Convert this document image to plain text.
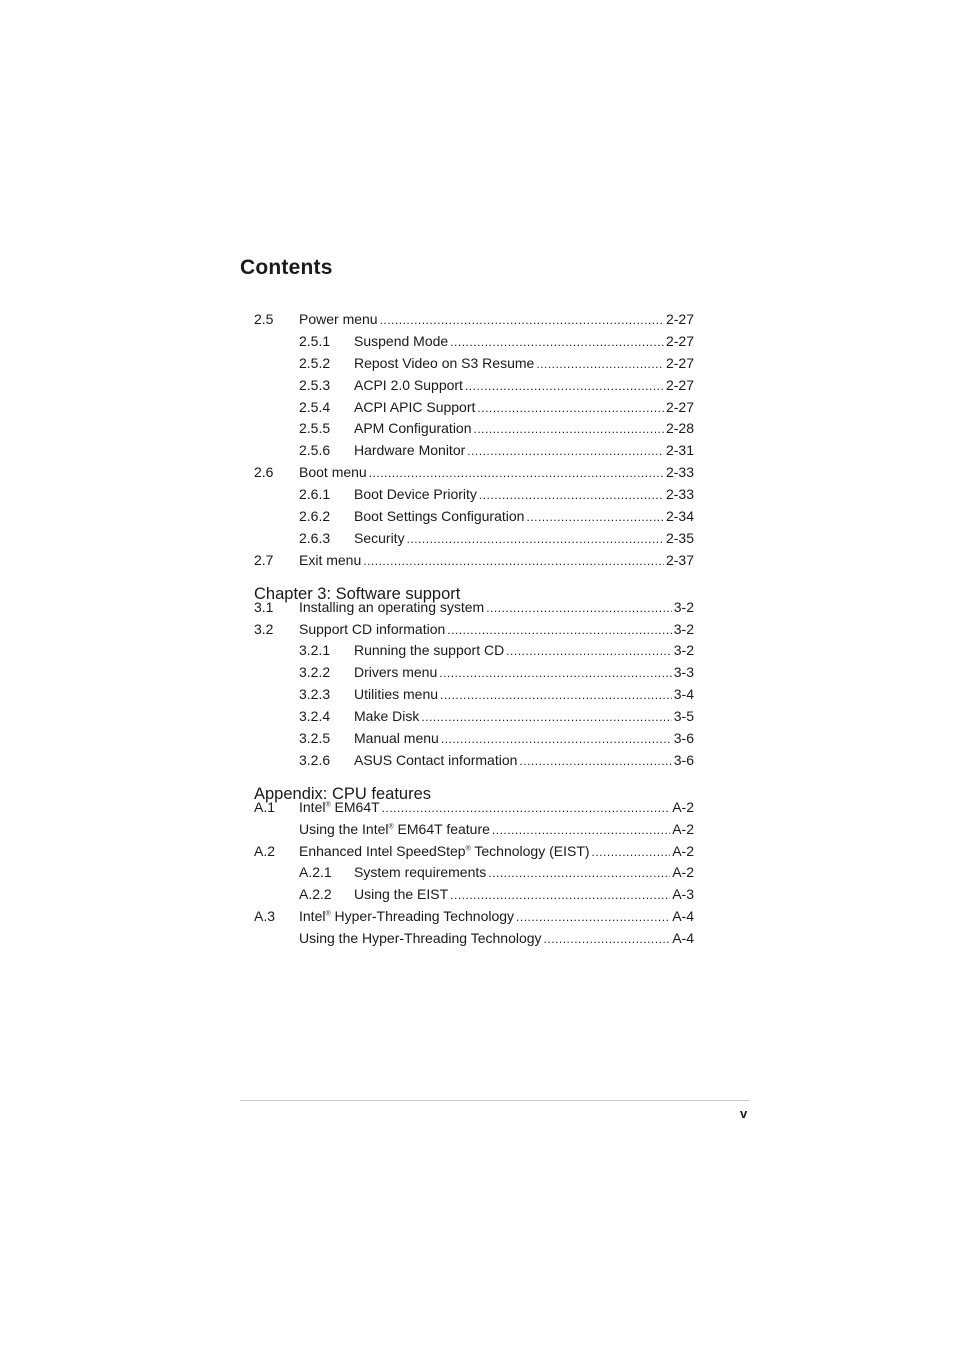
Contents
2.5 Power menu .....	2-27
2.5.1 Suspend Mode .....	2-27
2.5.2 Repost Video on S3 Resume .....	2-27
2.5.3 ACPI 2.0 Support .....	2-27
2.5.4 ACPI APIC Support .....	2-27
2.5.5 APM Configuration .....	2-28
2.5.6 Hardware Monitor .....	2-31
2.6 Boot menu .....	2-33
2.6.1 Boot Device Priority .....	2-33
2.6.2 Boot Settings Configuration .....	2-34
2.6.3 Security .....	2-35
2.7 Exit menu .....	2-37
Chapter 3: Software support
3.1 Installing an operating system .....	3-2
3.2 Support CD information .....	3-2
3.2.1 Running the support CD .....	3-2
3.2.2 Drivers menu .....	3-3
3.2.3 Utilities menu .....	3-4
3.2.4 Make Disk .....	3-5
3.2.5 Manual menu .....	3-6
3.2.6 ASUS Contact information .....	3-6
Appendix: CPU features
A.1 Intel® EM64T .....	A-2
Using the Intel® EM64T feature .....	A-2
A.2 Enhanced Intel SpeedStep® Technology (EIST) .....	A-2
A.2.1 System requirements .....	A-2
A.2.2 Using the EIST .....	A-3
A.3 Intel® Hyper-Threading Technology .....	A-4
Using the Hyper-Threading Technology .....	A-4
v
